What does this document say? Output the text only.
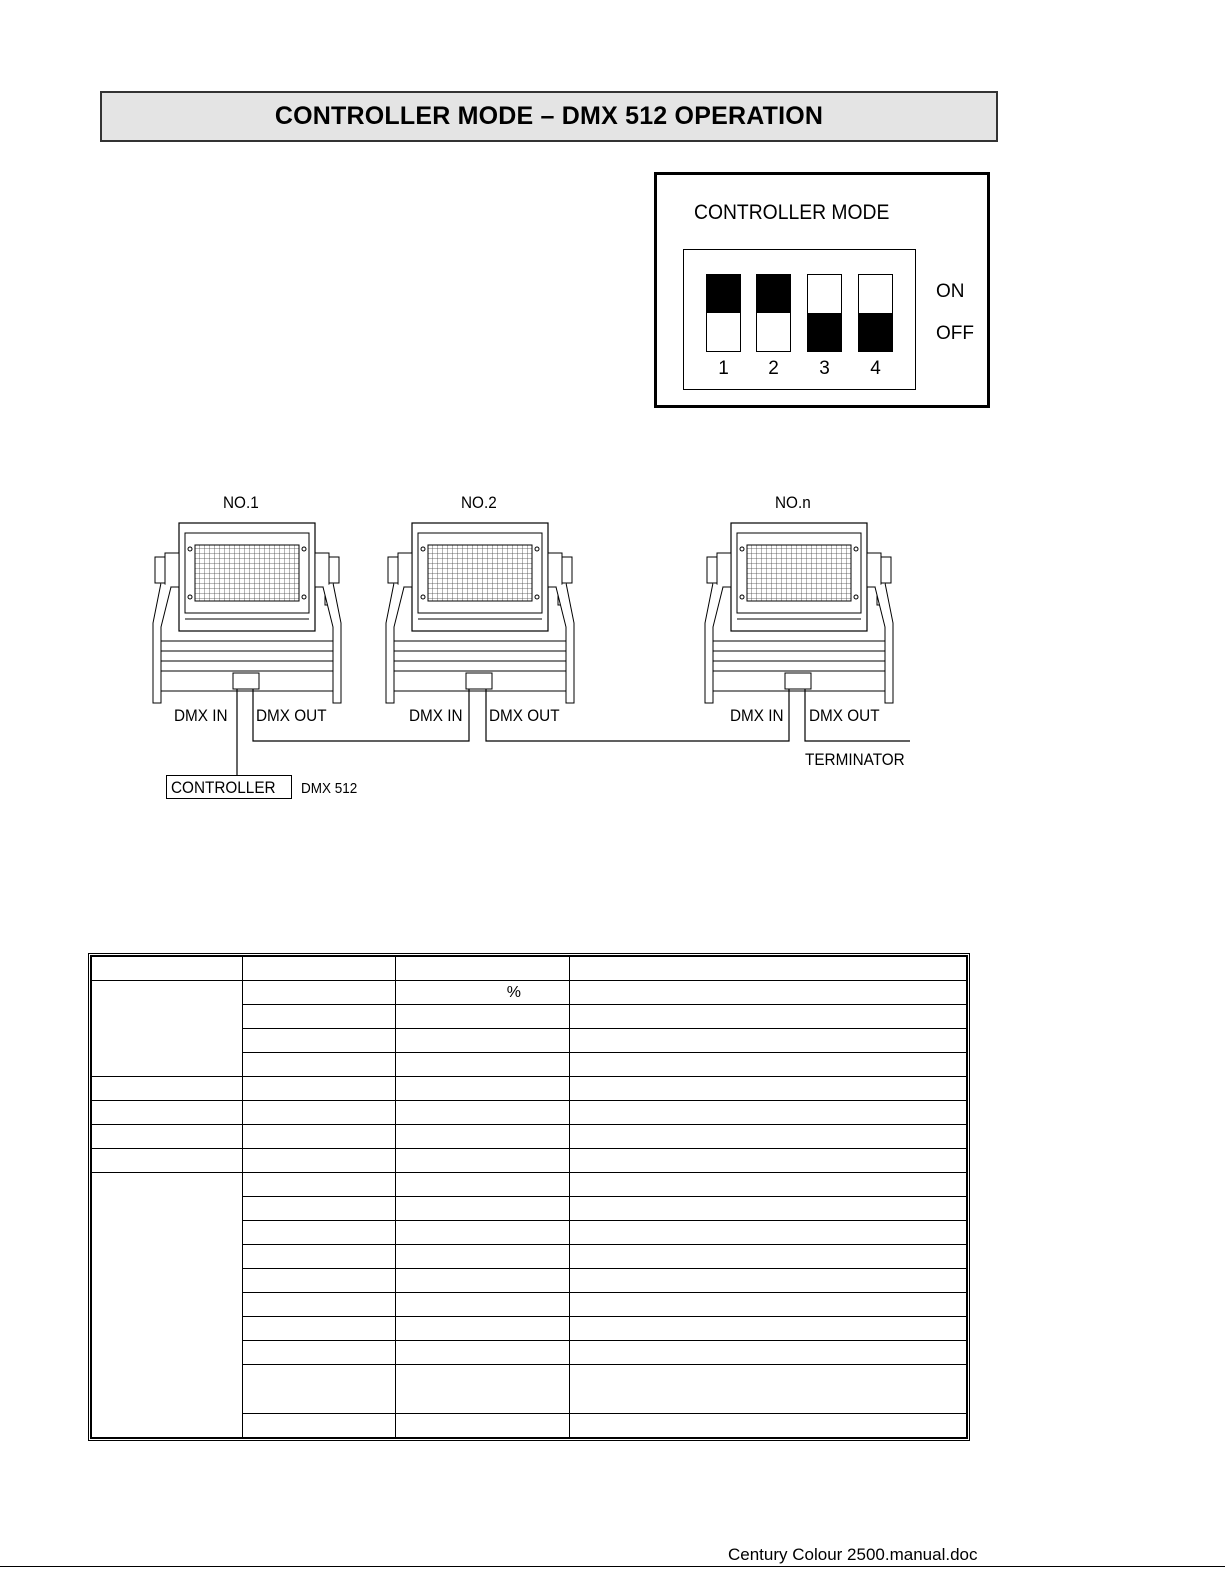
CONTROLLER MODE – DMX 512 OPERATION
CONTROLLER MODE
1	2	3	4
ON
OFF
NO.1	NO.2	NO.n
DMX IN DMX OUT	DMX IN DMX OUT	DMX IN DMX OUT
TERMINATOR
CONTROLLER DMX 512

		%	

Century Colour 2500.manual.doc
